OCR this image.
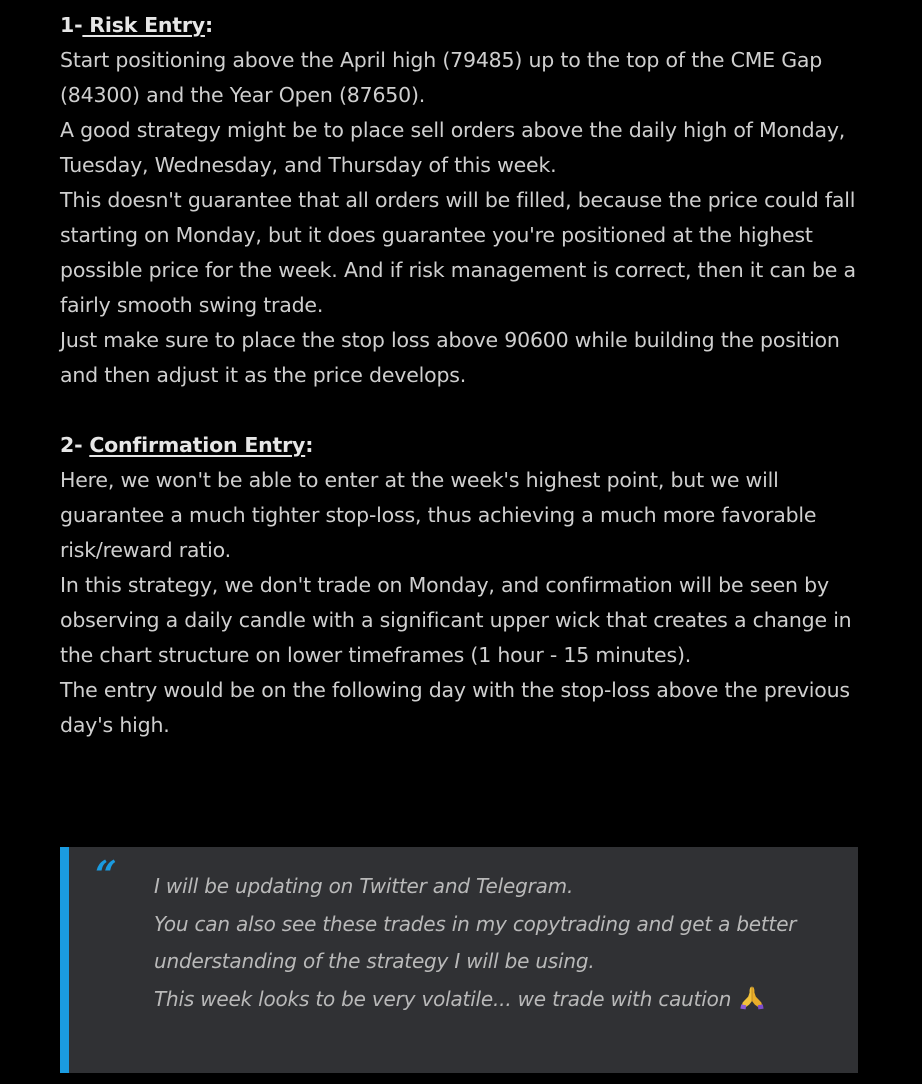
1- Risk Entry:

Start positioning above the April high (79485) up to the top of the CME Gap (84300) and the Year Open (87650).

A good strategy might be to place sell orders above the daily high of Monday, Tuesday, Wednesday, and Thursday of this week.

This doesn't guarantee that all orders will be filled, because the price could fall starting on Monday, but it does guarantee you're positioned at the highest possible price for the week. And if risk management is correct, then it can be a fairly smooth swing trade.

Just make sure to place the stop loss above 90600 while building the position and then adjust it as the price develops.

2- Confirmation Entry:

Here, we won't be able to enter at the week's highest point, but we will guarantee a much tighter stop-loss, thus achieving a much more favorable risk/reward ratio.

In this strategy, we don't trade on Monday, and confirmation will be seen by observing a daily candle with a significant upper wick that creates a change in the chart structure on lower timeframes (1 hour - 15 minutes).

The entry would be on the following day with the stop-loss above the previous day's high.

“ I will be updating on Twitter and Telegram.

You can also see these trades in my copytrading and get a better

understanding of the strategy I will be using.

This week looks to be very volatile... we trade with caution
